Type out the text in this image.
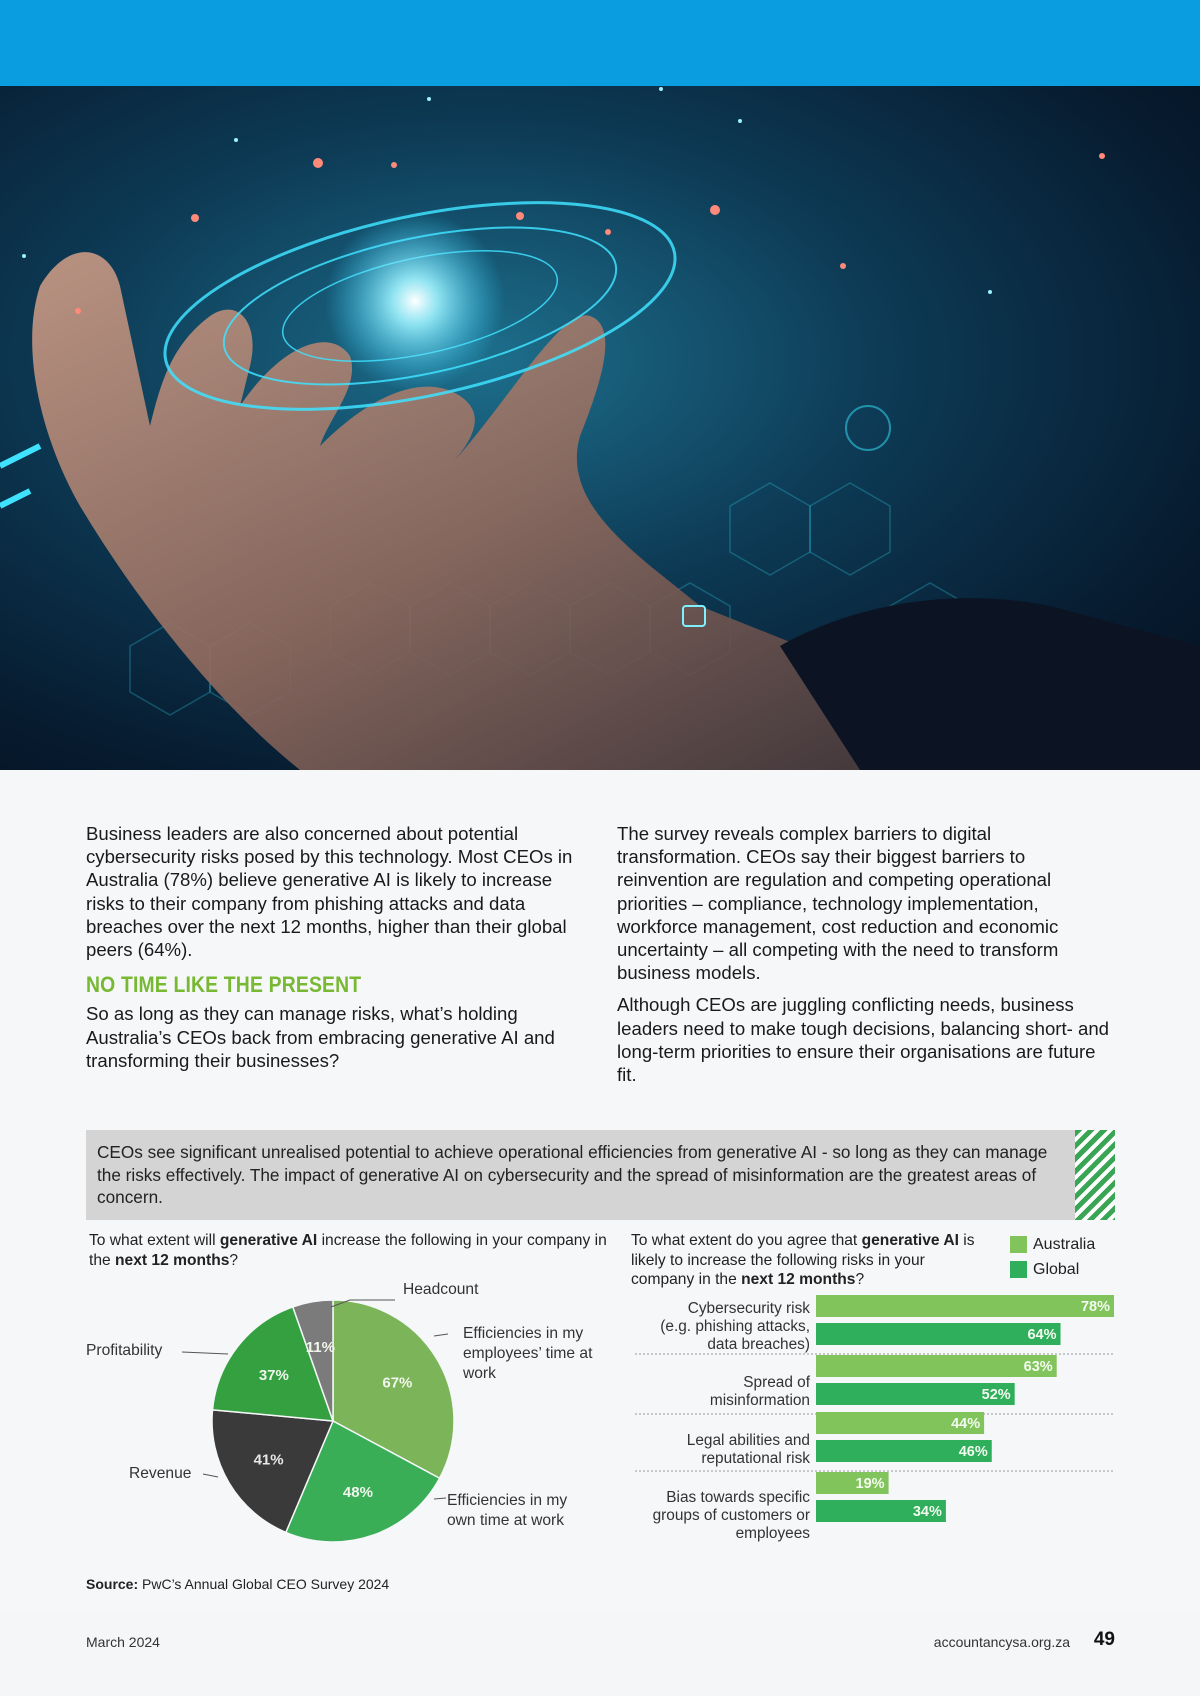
Business leaders are also concerned about potential cybersecurity risks posed by this technology. Most CEOs in Australia (78%) believe generative AI is likely to increase risks to their company from phishing attacks and data breaches over the next 12 months, higher than their global peers (64%).

NO TIME LIKE THE PRESENT

So as long as they can manage risks, what’s holding Australia’s CEOs back from embracing generative AI and transforming their businesses?

The survey reveals complex barriers to digital transformation. CEOs say their biggest barriers to reinvention are regulation and competing operational priorities – compliance, technology implementation, workforce management, cost reduction and economic uncertainty – all competing with the need to transform business models.

Although CEOs are juggling conflicting needs, business leaders need to make tough decisions, balancing short- and long-term priorities to ensure their organisations are future fit.

CEOs see significant unrealised potential to achieve operational efficiencies from generative AI - so long as they can manage the risks effectively. The impact of generative AI on cybersecurity and the spread of misinformation are the greatest areas of concern.
To what extent will generative AI increase the following in your company in the next 12 months?
To what extent do you agree that generative AI is likely to increase the following risks in your company in the next 12 months?
Australia
Global
67%
48%
41%
37%
11%
Headcount
Profitability
Revenue
Efficiencies in my employees’ time at work
Efficiencies in my own time at work
78%
64%
63%
52%
44%
46%
19%
34%
Cybersecurity risk
(e.g. phishing attacks,
data breaches)
Spread of
misinformation
Legal abilities and
reputational risk
Bias towards specific
groups of customers or
employees
Source: PwC’s Annual Global CEO Survey 2024
March 2024	accountancysa.org.za 49
